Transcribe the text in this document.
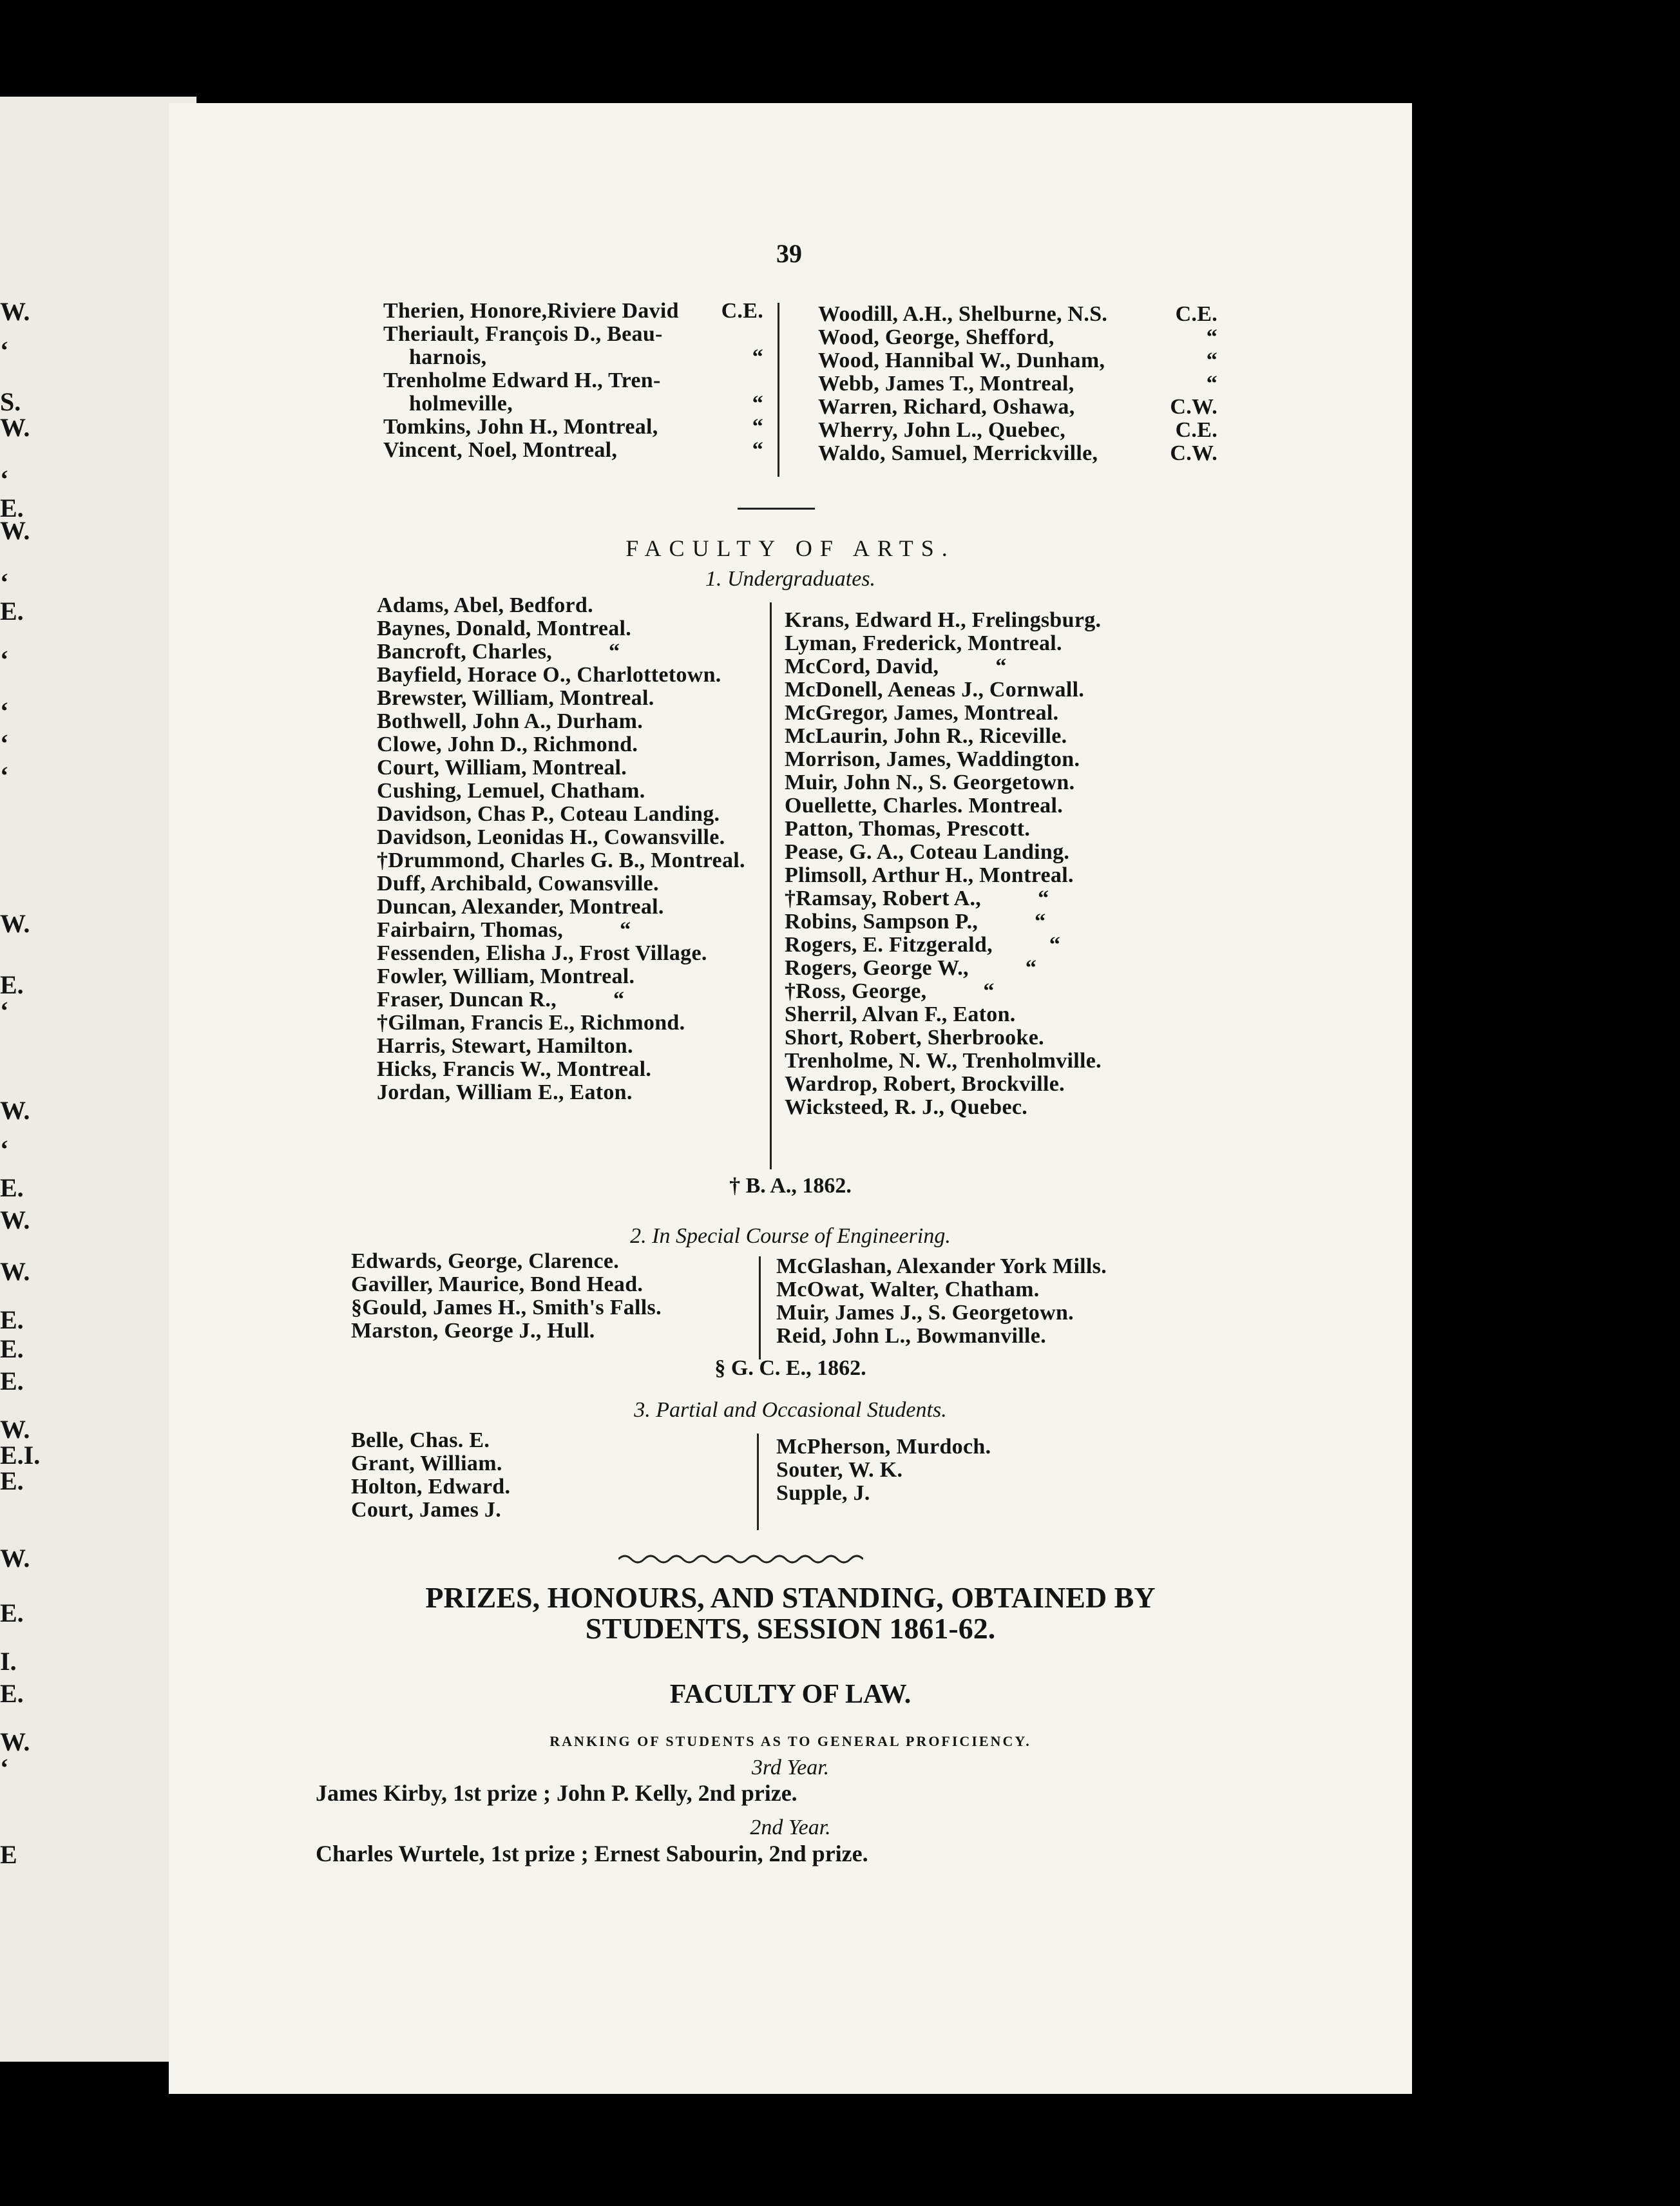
W.
‘
S.
W.
‘
E.
W.
‘
E.
‘
‘
‘
‘
W.
E.
‘
W.
‘
E.
W.
W.
E.
E.
E.
W.
E.I.
E.
W.
E.
I.
E.
W.
‘
E
39
Therien, Honore,Riviere David	C.E.
Theriault, François D., Beau-
harnois,	“
Trenholme Edward H., Tren-
holmeville,	“
Tomkins, John H., Montreal,	“
Vincent, Noel, Montreal,	“
Woodill, A.H., Shelburne, N.S.	C.E.
Wood, George, Shefford,	“
Wood, Hannibal W., Dunham,	“
Webb, James T., Montreal,	“
Warren, Richard, Oshawa,	C.W.
Wherry, John L., Quebec,	C.E.
Waldo, Samuel, Merrickville,	C.W.
FACULTY OF ARTS.
1. Undergraduates.
Adams, Abel, Bedford.
Baynes, Donald, Montreal.
Bancroft, Charles,          “
Bayfield, Horace O., Charlottetown.
Brewster, William, Montreal.
Bothwell, John A., Durham.
Clowe, John D., Richmond.
Court, William, Montreal.
Cushing, Lemuel, Chatham.
Davidson, Chas P., Coteau Landing.
Davidson, Leonidas H., Cowansville.
†Drummond, Charles G. B., Montreal.
Duff, Archibald, Cowansville.
Duncan, Alexander, Montreal.
Fairbairn, Thomas,          “
Fessenden, Elisha J., Frost Village.
Fowler, William, Montreal.
Fraser, Duncan R.,          “
†Gilman, Francis E., Richmond.
Harris, Stewart, Hamilton.
Hicks, Francis W., Montreal.
Jordan, William E., Eaton.
Krans, Edward H., Frelingsburg.
Lyman, Frederick, Montreal.
McCord, David,          “
McDonell, Aeneas J., Cornwall.
McGregor, James, Montreal.
McLaurin, John R., Riceville.
Morrison, James, Waddington.
Muir, John N., S. Georgetown.
Ouellette, Charles. Montreal.
Patton, Thomas, Prescott.
Pease, G. A., Coteau Landing.
Plimsoll, Arthur H., Montreal.
†Ramsay, Robert A.,          “
Robins, Sampson P.,          “
Rogers, E. Fitzgerald,          “
Rogers, George W.,          “
†Ross, George,          “
Sherril, Alvan F., Eaton.
Short, Robert, Sherbrooke.
Trenholme, N. W., Trenholmville.
Wardrop, Robert, Brockville.
Wicksteed, R. J., Quebec.
† B. A., 1862.
2. In Special Course of Engineering.
Edwards, George, Clarence.
Gaviller, Maurice, Bond Head.
§Gould, James H., Smith's Falls.
Marston, George J., Hull.
McGlashan, Alexander York Mills.
McOwat, Walter, Chatham.
Muir, James J., S. Georgetown.
Reid, John L., Bowmanville.
§ G. C. E., 1862.
3. Partial and Occasional Students.
Belle, Chas. E.
Grant, William.
Holton, Edward.
Court, James J.
McPherson, Murdoch.
Souter, W. K.
Supple, J.
PRIZES, HONOURS, AND STANDING, OBTAINED BY
STUDENTS, SESSION 1861-62.
FACULTY OF LAW.
RANKING OF STUDENTS AS TO GENERAL PROFICIENCY.
3rd Year.
James Kirby, 1st prize ; John P. Kelly, 2nd prize.
2nd Year.
Charles Wurtele, 1st prize ; Ernest Sabourin, 2nd prize.
